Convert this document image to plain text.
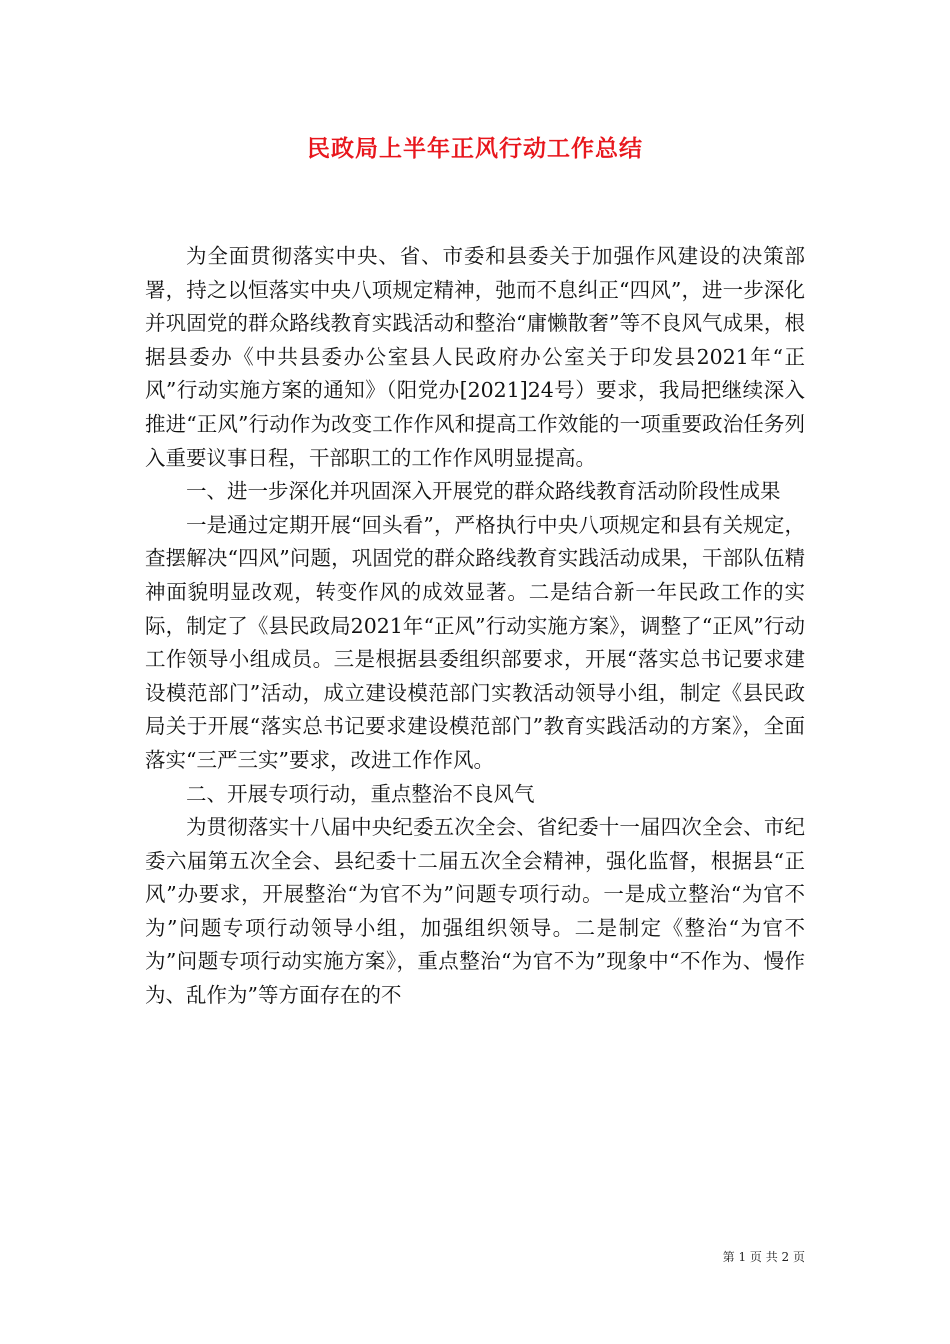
民政局上半年正风行动工作总结

为全面贯彻落实中央、省、市委和县委关于加强作风建设的决策部署，持之以恒落实中央八项规定精神，弛而不息纠正“四风”，进一步深化并巩固党的群众路线教育实践活动和整治“庸懒散奢”等不良风气成果，根据县委办《中共县委办公室县人民政府办公室关于印发县2021年“正风”行动实施方案的通知》（阳党办[2021]24号）要求，我局把继续深入推进“正风”行动作为改变工作作风和提高工作效能的一项重要政治任务列入重要议事日程，干部职工的工作作风明显提高。

一、进一步深化并巩固深入开展党的群众路线教育活动阶段性成果

一是通过定期开展“回头看”，严格执行中央八项规定和县有关规定，查摆解决“四风”问题，巩固党的群众路线教育实践活动成果，干部队伍精神面貌明显改观，转变作风的成效显著。二是结合新一年民政工作的实际，制定了《县民政局2021年“正风”行动实施方案》，调整了“正风”行动工作领导小组成员。三是根据县委组织部要求，开展“落实总书记要求建设模范部门”活动，成立建设模范部门实教活动领导小组，制定《县民政局关于开展“落实总书记要求建设模范部门”教育实践活动的方案》，全面落实“三严三实”要求，改进工作作风。

二、开展专项行动，重点整治不良风气

为贯彻落实十八届中央纪委五次全会、省纪委十一届四次全会、市纪委六届第五次全会、县纪委十二届五次全会精神，强化监督，根据县“正风”办要求，开展整治“为官不为”问题专项行动。一是成立整治“为官不为”问题专项行动领导小组，加强组织领导。二是制定《整治“为官不为”问题专项行动实施方案》，重点整治“为官不为”现象中“不作为、慢作为、乱作为”等方面存在的不

第 1 页 共 2 页
